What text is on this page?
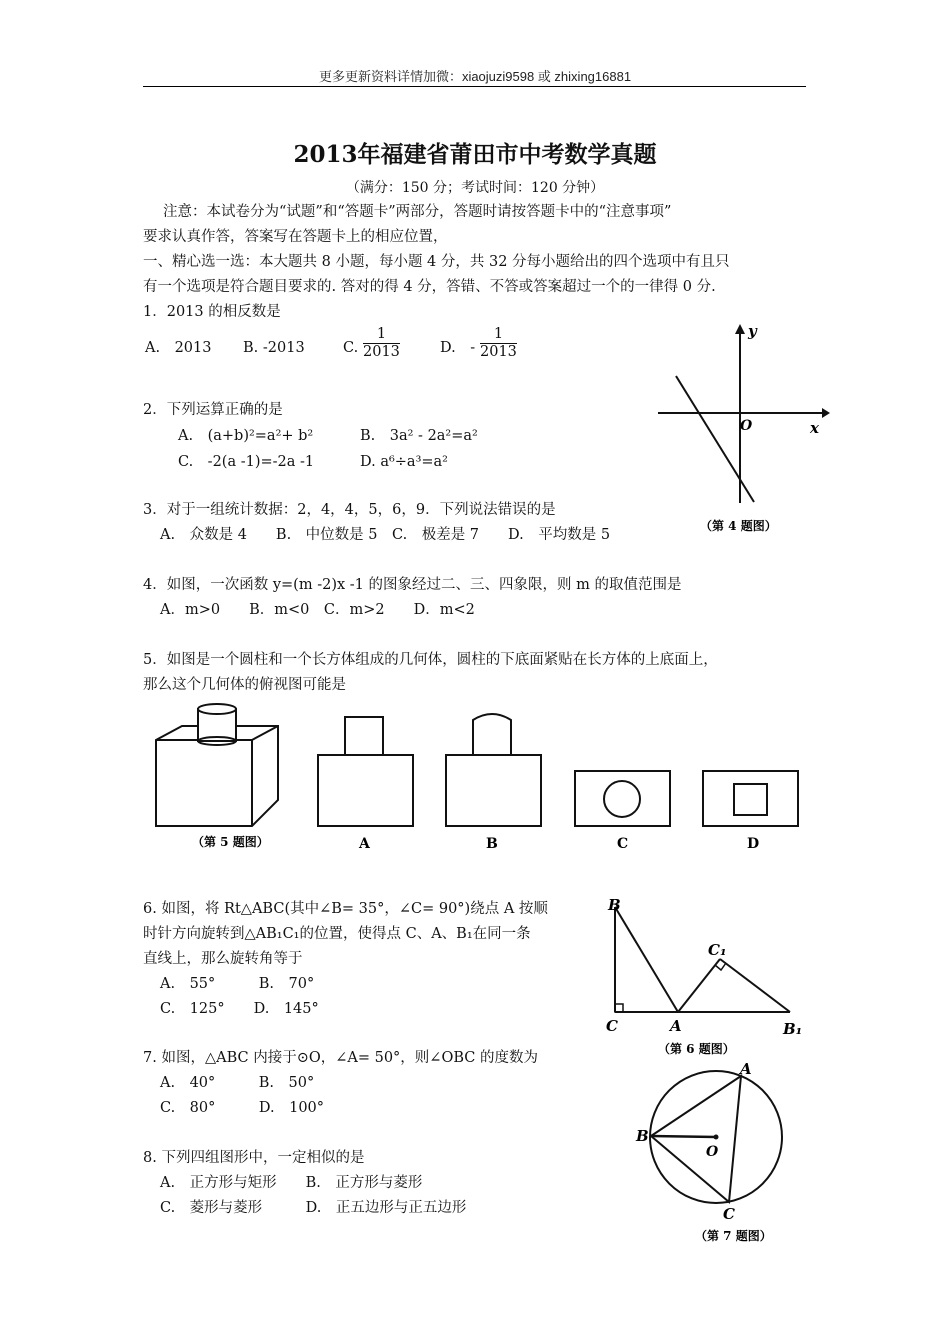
更多更新资料详情加微：xiaojuzi9598 或 zhixing16881
2013年福建省莆田市中考数学真题
（满分：150 分；考试时间：120 分钟）
注意：本试卷分为“试题”和“答题卡”两部分，答题时请按答题卡中的“注意事项”
要求认真作答，答案写在答题卡上的相应位置，
一、精心选一选：本大题共 8 小题，每小题 4 分，共 32 分每小题给出的四个选项中有且只
有一个选项是符合题目要求的. 答对的得 4 分，答错、不答或答案超过一个的一律得 0 分.
1．2013 的相反数是
A.　2013 B. -2013	C. $\frac{1}{2013}$	D.　- $\frac{1}{2013}$
2．下列运算正确的是
A.　(a+b)²=a²+ b²	B.　3a² - 2a²=a²
C.　-2(a -1)=-2a -1	D. a⁶÷a³=a²
3．对于一组统计数据：2，4，4，5，6，9．下列说法错误的是
A.　众数是 4　　B.　中位数是 5　C.　极差是 7　　D.　平均数是 5
y
x
O
（第 4 题图）
4．如图，一次函数 y=(m -2)x -1 的图象经过二、三、四象限，则 m 的取值范围是
A．m>0　　B．m<0　C．m>2　　D．m<2
5．如图是一个圆柱和一个长方体组成的几何体，圆柱的下底面紧贴在长方体的上底面上，
那么这个几何体的俯视图可能是
（第 5 题图）	A	B	C	D
6. 如图，将 Rt△ABC(其中∠B= 35°，∠C= 90°)绕点 A 按顺
时针方向旋转到△AB₁C₁的位置，使得点 C、A、B₁在同一条
直线上，那么旋转角等于
A.　55°　　　B.　70°
C.　125°　　D.　145°
B
C₁
C	A	B₁
（第 6 题图）
7. 如图，△ABC 内接于⊙O，∠A= 50°，则∠OBC 的度数为
A.　40°　　　B.　50°
C.　80°　　　D.　100°
A
B
C
O
（第 7 题图）
8. 下列四组图形中，一定相似的是
A.　正方形与矩形　　B.　正方形与菱形
C.　菱形与菱形　　　D.　正五边形与正五边形
